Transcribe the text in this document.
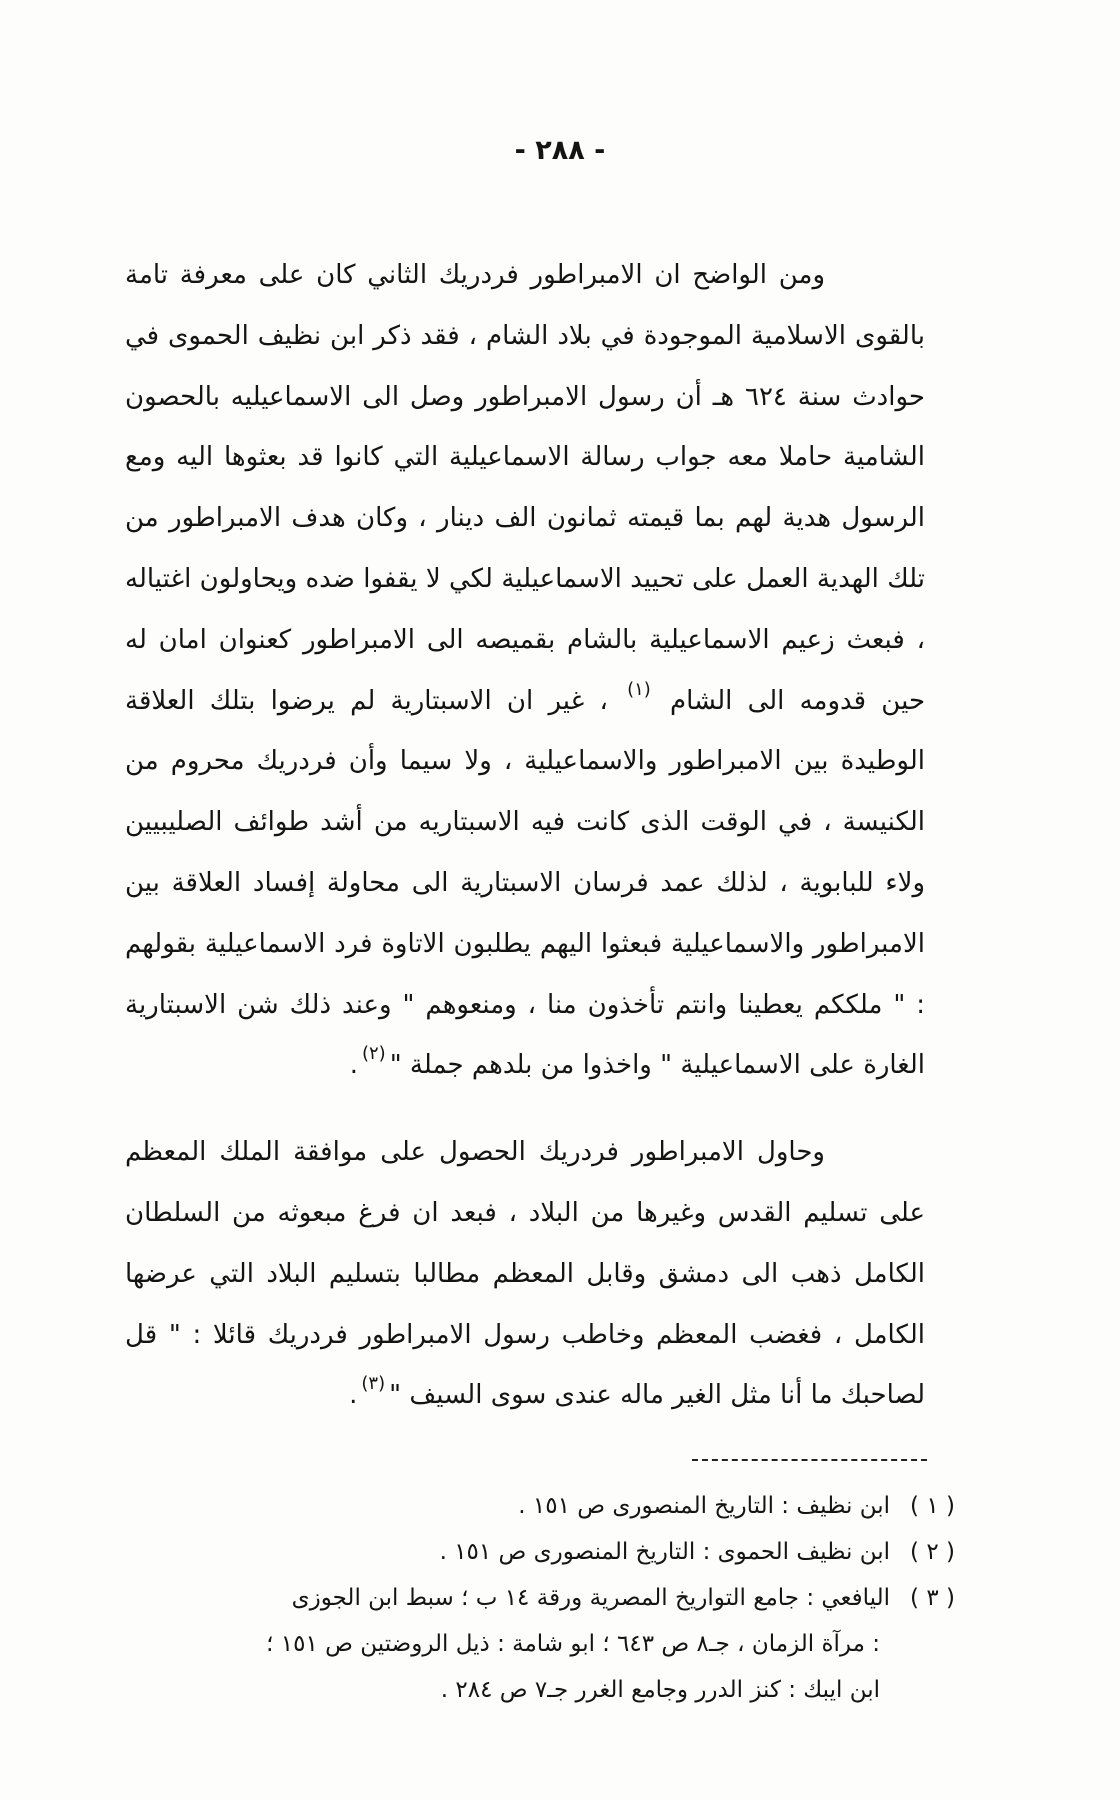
- ٢٨٨ -

ومن الواضح ان الامبراطور فردريك الثاني كان على معرفة تامة بالقوى الاسلامية الموجودة في بلاد الشام ، فقد ذكر ابن نظيف الحموى في حوادث سنة ٦٢٤ هـ أن رسول الامبراطور وصل الى الاسماعيليه بالحصون الشامية حاملا معه جواب رسالة الاسماعيلية التي كانوا قد بعثوها اليه ومع الرسول هدية لهم بما قيمته ثمانون الف دينار ، وكان هدف الامبراطور من تلك الهدية العمل على تحييد الاسماعيلية لكي لا يقفوا ضده ويحاولون اغتياله ، فبعث زعيم الاسماعيلية بالشام بقميصه الى الامبراطور كعنوان امان له حين قدومه الى الشام $^{(١)}$ ، غير ان الاسبتارية لم يرضوا بتلك العلاقة الوطيدة بين الامبراطور والاسماعيلية ، ولا سيما وأن فردريك محروم من الكنيسة ، في الوقت الذى كانت فيه الاسبتاريه من أشد طوائف الصليبيين ولاء للبابوية ، لذلك عمد فرسان الاسبتارية الى محاولة إفساد العلاقة بين الامبراطور والاسماعيلية فبعثوا اليهم يطلبون الاتاوة فرد الاسماعيلية بقولهم : " ملككم يعطينا وانتم تأخذون منا ، ومنعوهم " وعند ذلك شن الاسبتارية الغارة على الاسماعيلية " واخذوا من بلدهم جملة "$^{(٢)}$.

وحاول الامبراطور فردريك الحصول على موافقة الملك المعظم على تسليم القدس وغيرها من البلاد ، فبعد ان فرغ مبعوثه من السلطان الكامل ذهب الى دمشق وقابل المعظم مطالبا بتسليم البلاد التي عرضها الكامل ، فغضب المعظم وخاطب رسول الامبراطور فردريك قائلا : " قل لصاحبك ما أنا مثل الغير ماله عندى سوى السيف "$^{(٣)}$.

( ١ )
ابن نظيف : التاريخ المنصورى ص ١٥١ .

( ٢ )
ابن نظيف الحموى : التاريخ المنصورى ص ١٥١ .

( ٣ )
اليافعي : جامع التواريخ المصرية ورقة ١٤ ب ؛ سبط ابن الجوزى
: مرآة الزمان ، جـ٨ ص ٦٤٣ ؛ ابو شامة : ذيل الروضتين ص ١٥١ ؛
ابن ايبك : كنز الدرر وجامع الغرر جـ٧ ص ٢٨٤ .
